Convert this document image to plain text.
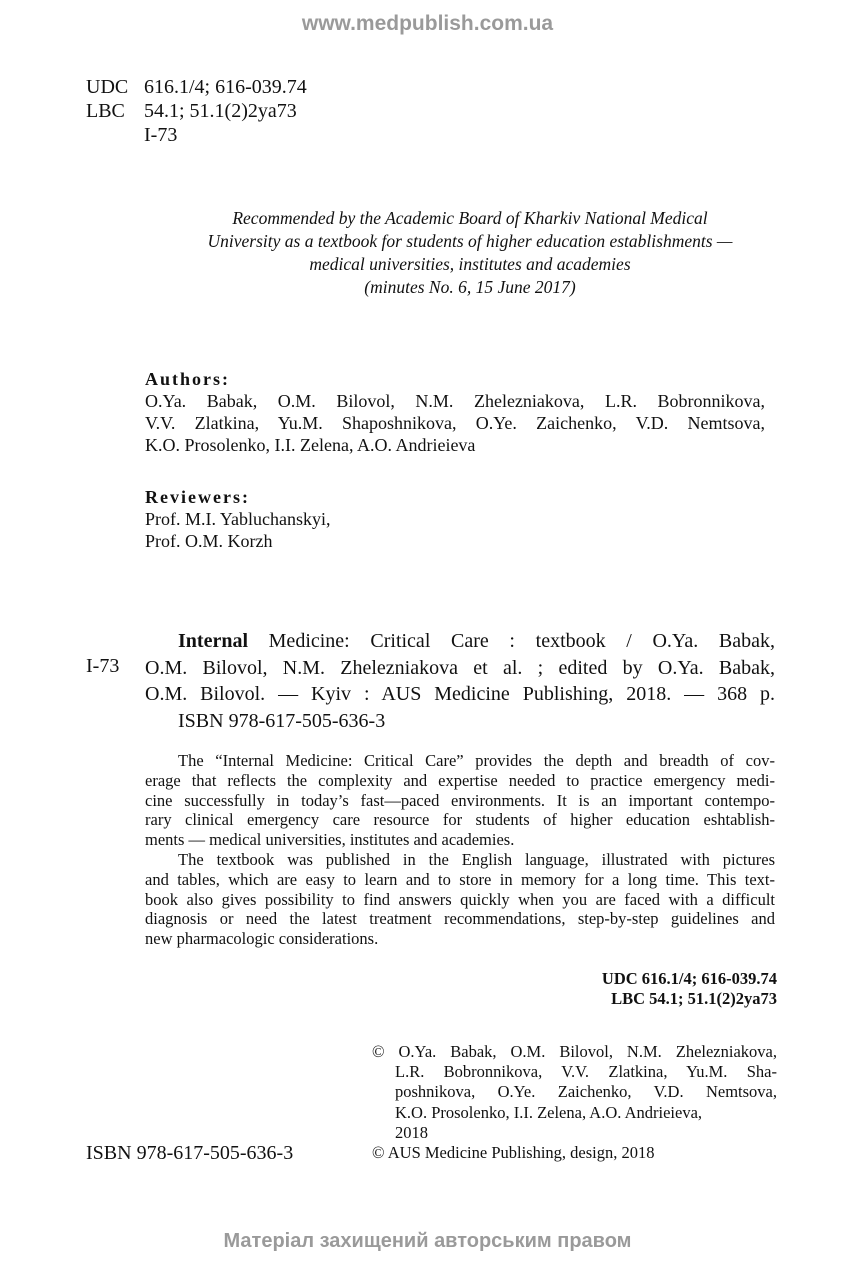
www.medpublish.com.ua
UDC 616.1/4; 616-039.74
LBC 54.1; 51.1(2)2ya73
І-73
Recommended by the Academic Board of Kharkiv National Medical
University as a textbook for students of higher education establishments —
medical universities, institutes and academies
(minutes No. 6, 15 June 2017)
Authors:
O.Ya. Babak, O.M. Bilovol, N.M. Zhelezniakova, L.R. Bobronnikova,
V.V. Zlatkina, Yu.M. Shaposhnikova, O.Ye. Zaichenko, V.D. Nemtsova,
K.O. Prosolenko, I.I. Zelena, A.O. Andrieieva
Reviewers:
Prof. M.I. Yabluchanskyi,
Prof. O.M. Korzh
І-73
Internal Medicine: Critical Care : textbook / O.Ya. Babak,
O.M. Bilovol, N.M. Zhelezniakova et al. ; edited by O.Ya. Babak,
O.M. Bilovol. — Kyiv : AUS Medicine Publishing, 2018. — 368 p.
ISBN 978-617-505-636-3
The “Internal Medicine: Critical Care” provides the depth and breadth of cov-
erage that reflects the complexity and expertise needed to practice emergency medi-
cine successfully in today’s fast—paced environments. It is an important contempo-
rary clinical emergency care resource for students of higher education eshtablish-
ments — medical universities, institutes and academies.
The textbook was published in the English language, illustrated with pictures
and tables, which are easy to learn and to store in memory for a long time. This text-
book also gives possibility to find answers quickly when you are faced with a difficult
diagnosis or need the latest treatment recommendations, step-by-step guidelines and
new pharmacologic considerations.
UDC 616.1/4; 616-039.74
LBC 54.1; 51.1(2)2ya73
© O.Ya. Babak, O.M. Bilovol, N.M. Zhelezniakova,
L.R. Bobronnikova, V.V. Zlatkina, Yu.M. Sha-
poshnikova, O.Ye. Zaichenko, V.D. Nemtsova,
K.O. Prosolenko, I.I. Zelena, A.O. Andrieieva,
2018
© AUS Medicine Publishing, design, 2018
ISBN 978-617-505-636-3
Матеріал захищений авторським правом
